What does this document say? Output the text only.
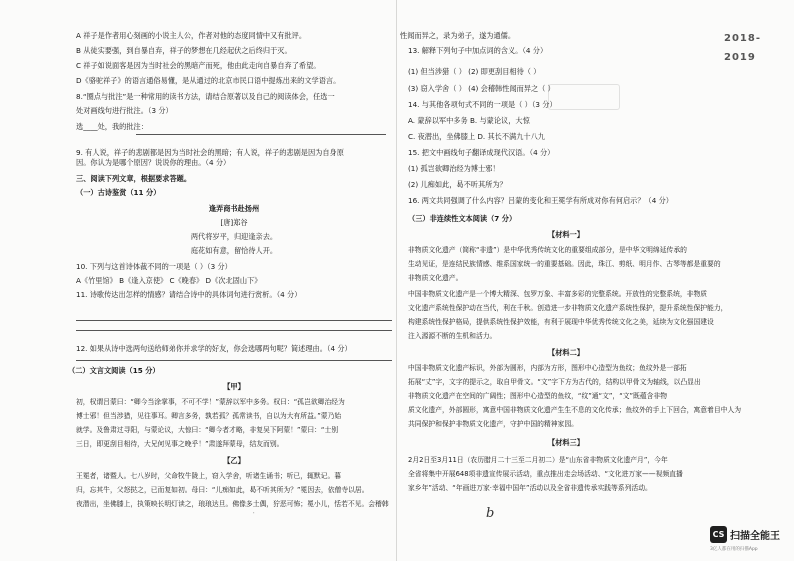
A 祥子是作者用心刻画的小说主人公，作者对他的态度同情中又有批评。
B 从徒实要强，到自暴自弃，祥子的梦想在几经起伏之后终归于灭。
C 祥子如说面客是因为当时社会的黑暗产而死，他由此走向自暴自弃了希望。
D《骆驼祥子》的语言通俗易懂，是从通过的北京市民口语中提炼出来的文学语言。
8.“圈点与批注”是一种常用的读书方法，请结合原著以及自己的阅读体会，任选一
处对画线句进行批注。（3 分）
选____处，我的批注：
9. 有人说，祥子的悲剧都是因为当时社会的黑暗；有人说，祥子的悲剧是因为自身原
因。你认为是哪个原因？说说你的理由。（4 分）
三、阅读下列文章，根据要求答题。
（一）古诗鉴赏（11 分）
逢弄商书赴扬州
[唐]郑谷
两代将岁平，归迎逢亲去。
庭花如有意，留恰待人开。
10. 下列与这首诗体裁不同的一项是（ ）（3 分）
A《竹里馆》 B《逢入京使》 C《晚春》 D《次北固山下》
11. 诗歌传达出怎样的情感？请结合诗中的具体词句进行赏析。（4 分）
12. 如果从诗中选两句送给师弟你并求学的好友，你会选哪两句呢？简述理由。（4 分）
（二）文言文阅读（15 分）
【甲】
初，权谓吕蒙曰：“卿今当涂掌事，不可不学！”蒙辞以军中多务。权曰：“孤岂欲卿治经为
博士邪！但当涉猎，见往事耳。卿言多务，孰若孤？孤常读书，自以为大有所益。”蒙乃始
就学。及鲁肃过寻阳，与蒙论议，大惊曰：“卿今者才略，非复吴下阿蒙！”蒙曰：“士别
三日，即更刮目相待，大兄何见事之晚乎！”肃遂拜蒙母，结友而别。
【乙】
王冕者，诸暨人。七八岁时，父命牧牛陇上，窃入学舍，听诸生诵书；听已，辄默记。暮
归，忘其牛，父怒挞之，已而复如初。母曰：“儿痴如此，曷不听其所为？”冕因去，依僧寺以居。
夜潜出，坐佛膝上，执策映长明灯读之，琅琅达旦。佛像多土偶，狞恶可怖；冕小儿，恬若不见。会稽韩
性闻而异之，录为弟子，遂为通儒。
13. 解释下列句子中加点词的含义。（4 分）
(1) 但当涉猎（ ） (2) 即更刮目相待（ ）
(3) 窃入学舍（ ） (4) 会稽韩性闻而异之（ ）
14. 与其他各项句式不同的一项是（ ）（3 分）
A. 蒙辞以军中多务 B. 与蒙论议，大惊
C. 夜潜出，坐佛膝上 D. 其长不满九十八九
15. 把文中画线句子翻译成现代汉语。（4 分）
(1) 孤岂欲卿治经为博士邪！
(2) 儿痴如此，曷不听其所为？
16. 两文共同强调了什么内容？吕蒙的变化和王冕学有所成对你有何启示？（4 分）
（三）非连续性文本阅读（7 分）
【材料一】
非物质文化遗产（简称“非遗”）是中华优秀传统文化的重要组成部分，是中华文明绵延传承的
生动见证，是连结民族情感、维系国家统一的重要基础。因此，珠江、剪纸、明月作、古琴等都是重要的
非物质文化遗产。
中国非物质文化遗产是一个博大精深、包罗万象、丰富多彩的完整系统。开放性的完整系统，非物质
文化遗产系统性保护动在当代，利在千秋。创造进一步非物质文化遗产系统性保护，提升系统性保护能力，
构建系统性保护格局，提供系统性保护效能，有利于展现中华优秀传统文化之美，延续为文化强国建设
注入源源不断的生机和活力。
【材料二】
中国非物质文化遗产标识，外部为圆形，内部为方形，图形中心造型为鱼纹；鱼纹外是一部拓
拓展“丈”字，文字的提示之，取自甲骨文。“文”字下方为古代的，结构以甲骨文为轴线，以凸显出
非物质文化遗产在空间的广阔性；图形中心造型的鱼纹，“纹”通“文”，“文”既蕴含非物
质文化遗产，外部圆形，寓意中国非物质文化遗产生生不息的文化传承；鱼纹外的手上下回合，寓意着目中人为
共同保护和保护非物质文化遗产，守护中国的精神家园。
【材料三】
2月2日至3月11日（农历腊月二十三至二月初二）是“山东省非物质文化遗产月”，今年
全省将集中开展648项非遗宣传展示活动，重点推出走会场活动、“文化进万家——视频直播
家乡年”活动、“年画进万家·幸福中国年”活动以及全省非遗传承实践等系列活动。
2018-2019
˙	b
CS 扫描全能王
3亿人都在用的扫描App
